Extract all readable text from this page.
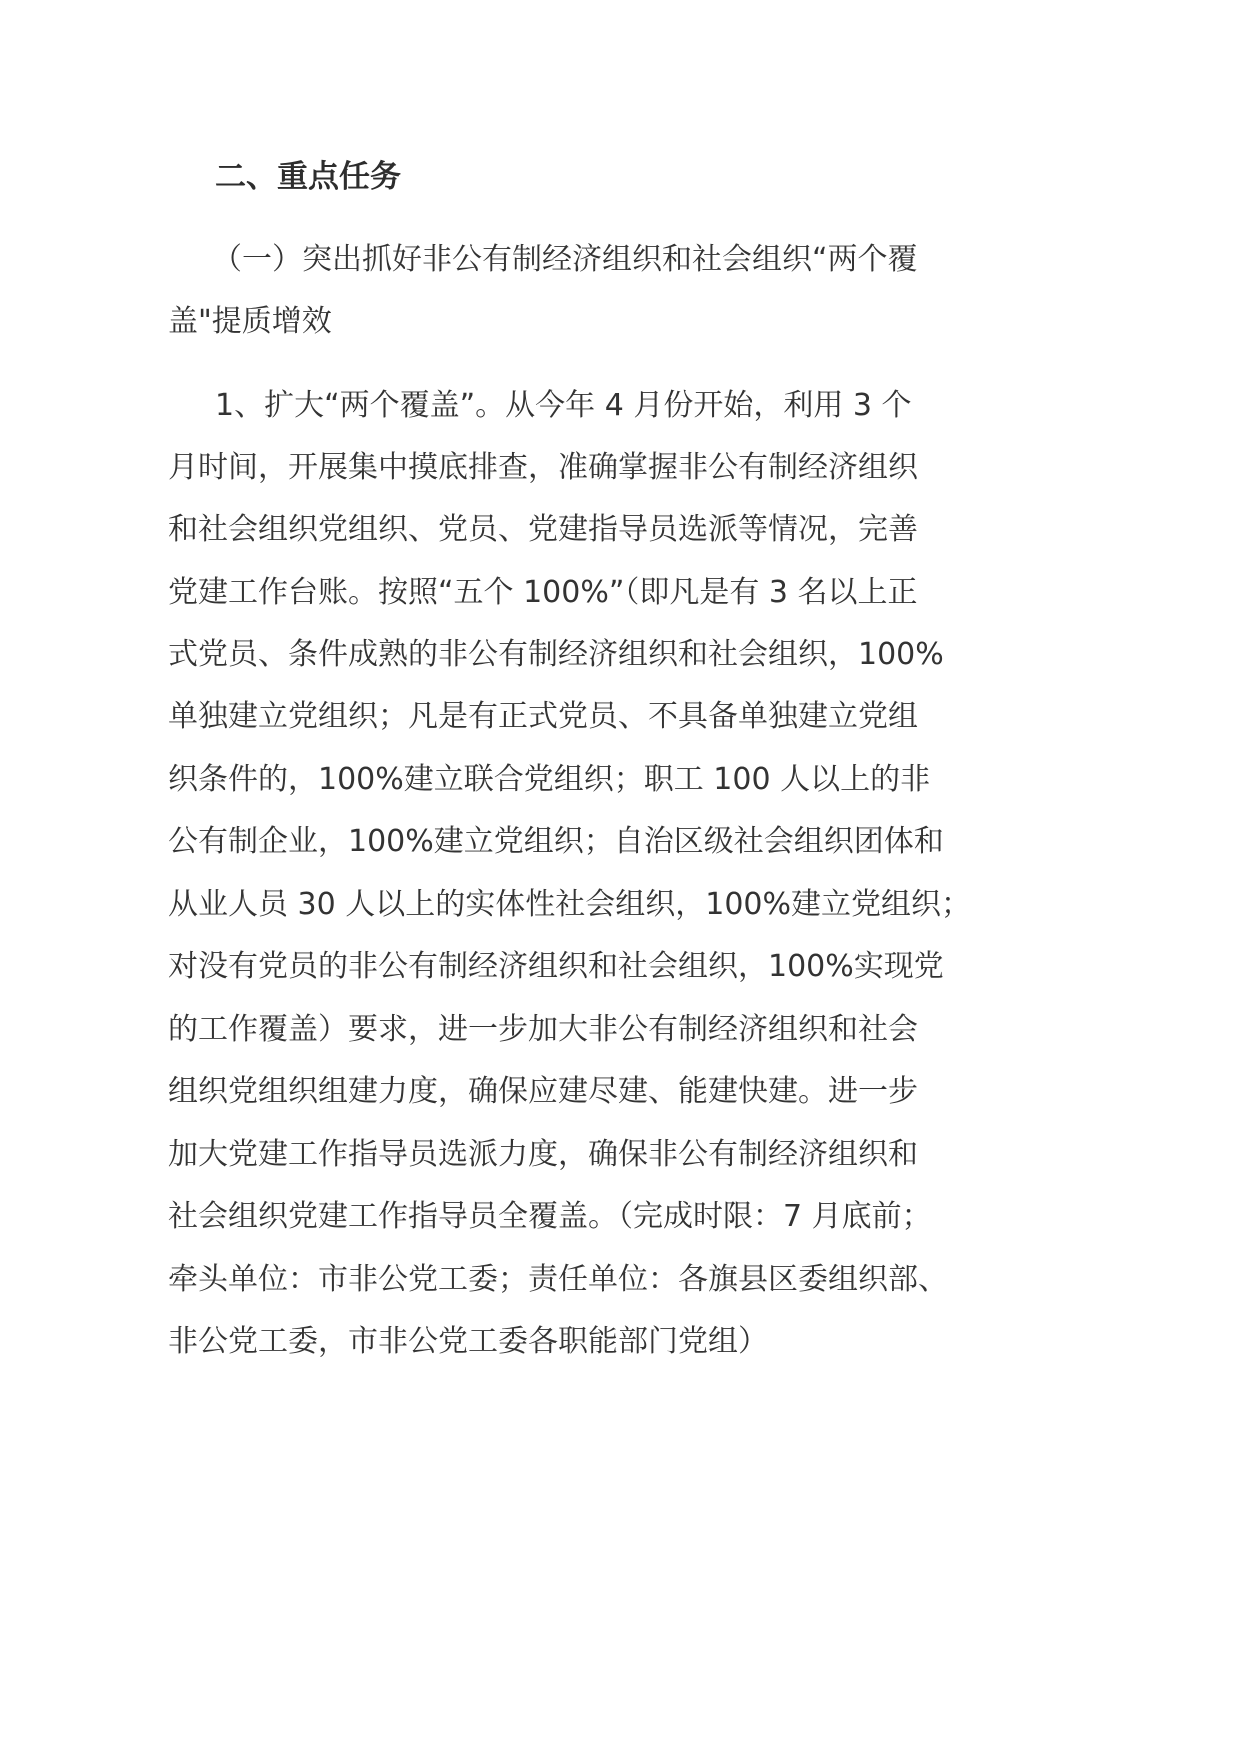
二、重点任务
（一）突出抓好非公有制经济组织和社会组织“两个覆
盖"提质增效
1、扩大“两个覆盖”。从今年 4 月份开始，利用 3 个
月时间，开展集中摸底排查，准确掌握非公有制经济组织
和社会组织党组织、党员、党建指导员选派等情况，完善
党建工作台账。按照“五个 100%”（即凡是有 3 名以上正
式党员、条件成熟的非公有制经济组织和社会组织，100%
单独建立党组织；凡是有正式党员、不具备单独建立党组
织条件的，100%建立联合党组织；职工 100 人以上的非
公有制企业，100%建立党组织；自治区级社会组织团体和
从业人员 30 人以上的实体性社会组织，100%建立党组织；
对没有党员的非公有制经济组织和社会组织，100%实现党
的工作覆盖）要求，进一步加大非公有制经济组织和社会
组织党组织组建力度，确保应建尽建、能建快建。进一步
加大党建工作指导员选派力度，确保非公有制经济组织和
社会组织党建工作指导员全覆盖。（完成时限：7 月底前；
牵头单位：市非公党工委；责任单位：各旗县区委组织部、
非公党工委，市非公党工委各职能部门党组）
